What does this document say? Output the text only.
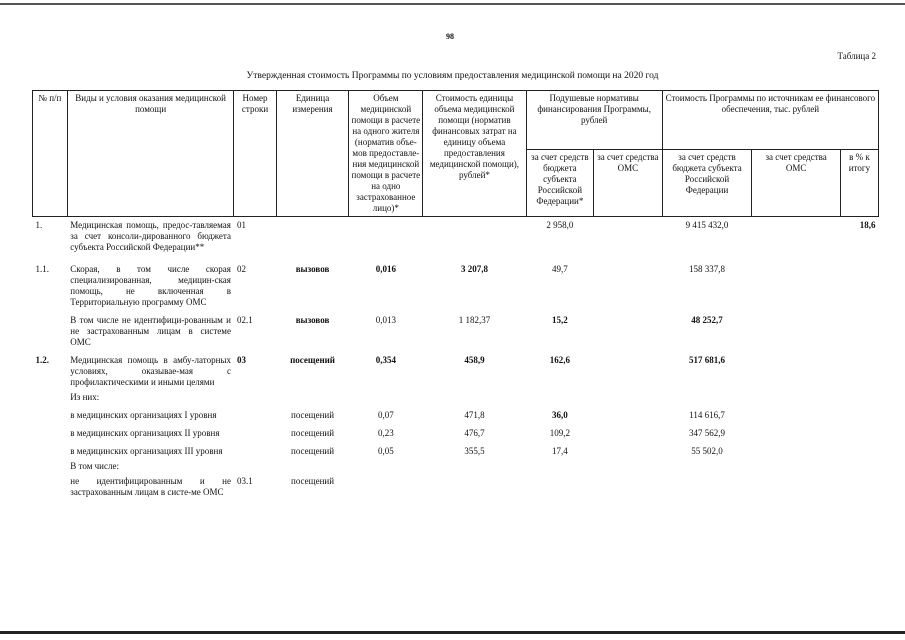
98
Таблица 2
Утвержденная стоимость Программы по условиям предоставления медицинской помощи на 2020 год
№ п/п	Виды и условия оказания медицинской помощи	Номер строки	Единица измерения	Объем медицинской помощи в расчете на одного жителя (норматив объе-мов предоставле-ния медицинской помощи в расчете на одно застрахованное лицо)*	Стоимость единицы объема медицинской помощи (норматив финансовых затрат на единицу объема предоставления медицинской помощи), рублей*	Подушевые нормативы финансирования Программы, рублей		Стоимость Программы по источникам ее финансового обеспечения, тыс. рублей		
						за счет средств бюджета субъекта Российской Федерации*	за счет средства ОМС	за счет средств бюджета субъекта Российской Федерации	за счет средства ОМС	в % к итогу
1.	Медицинская помощь, предос-тавляемая за счет консоли-дированного бюджета субъекта Российской Федерации**	01				2 958,0		9 415 432,0		18,6
1.1.	Скорая, в том числе скорая специализированная, медицин-ская помощь, не включенная в Территориальную программу ОМС	02	вызовов	0,016	3 207,8	49,7		158 337,8		
	В том числе не идентифици-рованным и не застрахованным лицам в системе ОМС	02.1	вызовов	0,013	1 182,37	15,2		48 252,7		
1.2.	Медицинская помощь в амбу-латорных условиях, оказывае-мая с профилактическими и иными целями	03	посещений	0,354	458,9	162,6		517 681,6		
	Из них:									
	в медицинских организациях I уровня		посещений	0,07	471,8	36,0		114 616,7		
	в медицинских организациях II уровня		посещений	0,23	476,7	109,2		347 562,9		
	в медицинских организациях III уровня		посещений	0,05	355,5	17,4		55 502,0		
	В том числе:									
	не идентифицированным и не застрахованным лицам в систе-ме ОМС	03.1	посещений							
